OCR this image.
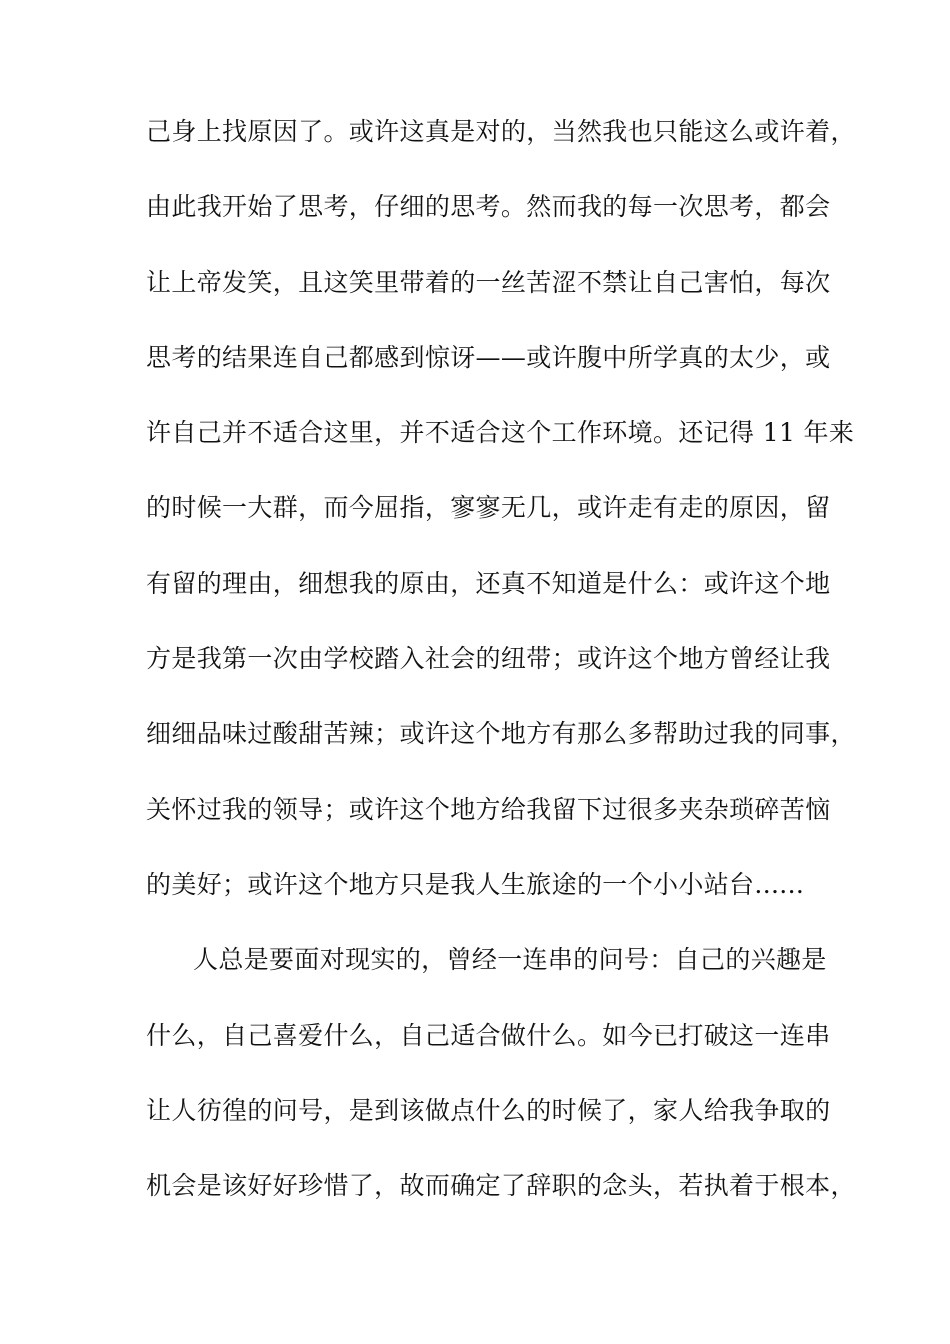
己身上找原因了。或许这真是对的，当然我也只能这么或许着，
由此我开始了思考，仔细的思考。然而我的每一次思考，都会
让上帝发笑，且这笑里带着的一丝苦涩不禁让自己害怕，每次
思考的结果连自己都感到惊讶——或许腹中所学真的太少，或
许自己并不适合这里，并不适合这个工作环境。还记得 11 年来
的时候一大群，而今屈指，寥寥无几，或许走有走的原因，留
有留的理由，细想我的原由，还真不知道是什么：或许这个地
方是我第一次由学校踏入社会的纽带；或许这个地方曾经让我
细细品味过酸甜苦辣；或许这个地方有那么多帮助过我的同事，
关怀过我的领导；或许这个地方给我留下过很多夹杂琐碎苦恼
的美好；或许这个地方只是我人生旅途的一个小小站台......
人总是要面对现实的，曾经一连串的问号：自己的兴趣是
什么，自己喜爱什么，自己适合做什么。如今已打破这一连串
让人彷徨的问号，是到该做点什么的时候了，家人给我争取的
机会是该好好珍惜了，故而确定了辞职的念头，若执着于根本，
